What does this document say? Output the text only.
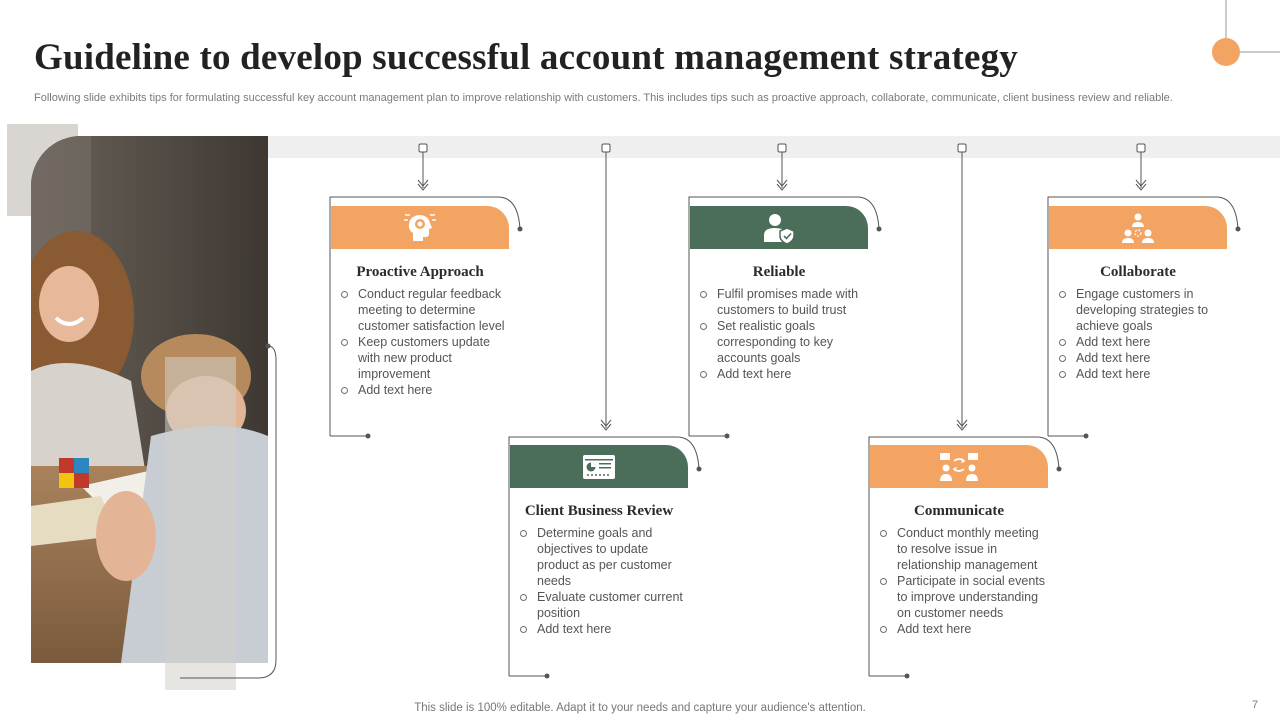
Guideline to develop successful account management strategy
Following slide exhibits tips for formulating successful key account management plan to improve relationship with customers. This includes tips such as proactive approach, collaborate, communicate, client business review and reliable.
Proactive Approach
Conduct regular feedback meeting to determine customer satisfaction level
Keep customers update with new product improvement
Add text here
Reliable
Fulfil promises made with customers to build trust
Set realistic goals corresponding to key accounts goals
Add text here
Collaborate
Engage customers in developing strategies to achieve goals
Add text here
Add text here
Add text here
Client Business Review
Determine goals and objectives to update product as per customer needs
Evaluate customer current position
Add text here
Communicate
Conduct monthly meeting to resolve issue in relationship management
Participate in social events to improve understanding on customer needs
Add text here
This slide is 100% editable. Adapt it to your needs and capture your audience's attention.	7
